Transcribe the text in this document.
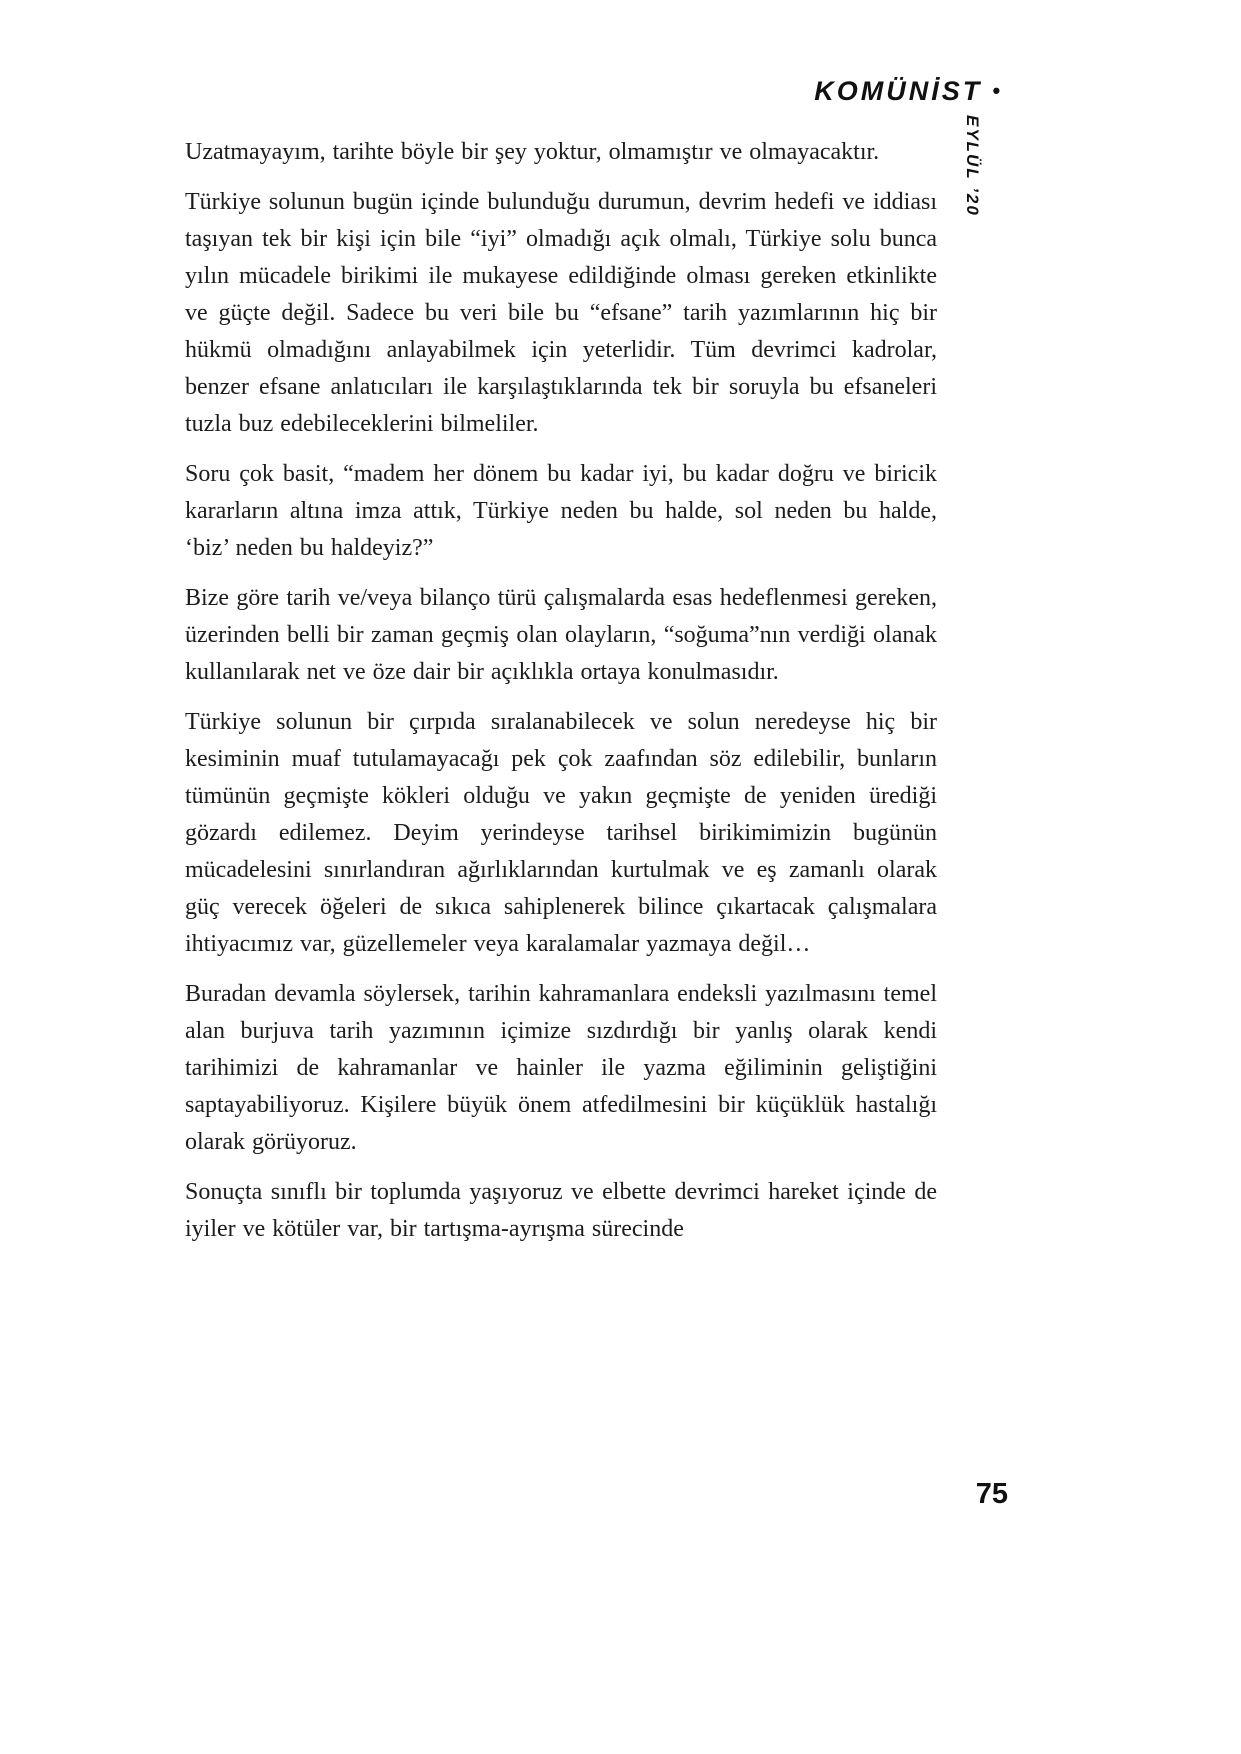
KOMÜNİST •
EYLÜL ’20

Uzatmayayım, tarihte böyle bir şey yoktur, olmamıştır ve olmayacaktır.

Türkiye solunun bugün içinde bulunduğu durumun, devrim hedefi ve iddiası taşıyan tek bir kişi için bile “iyi” olmadığı açık olmalı, Türkiye solu bunca yılın mücadele birikimi ile mukayese edildiğinde olması gereken etkinlikte ve güçte değil. Sadece bu veri bile bu “efsane” tarih yazımlarının hiç bir hükmü olmadığını anlayabilmek için yeterlidir. Tüm devrimci kadrolar, benzer efsane anlatıcıları ile karşılaştıklarında tek bir soruyla bu efsaneleri tuzla buz edebileceklerini bilmeliler.

Soru çok basit, “madem her dönem bu kadar iyi, bu kadar doğru ve biricik kararların altına imza attık, Türkiye neden bu halde, sol neden bu halde, ‘biz’ neden bu haldeyiz?”

Bize göre tarih ve/veya bilanço türü çalışmalarda esas hedeflenmesi gereken, üzerinden belli bir zaman geçmiş olan olayların, “soğuma”nın verdiği olanak kullanılarak net ve öze dair bir açıklıkla ortaya konulmasıdır.

Türkiye solunun bir çırpıda sıralanabilecek ve solun neredeyse hiç bir kesiminin muaf tutulamayacağı pek çok zaafından söz edilebilir, bunların tümünün geçmişte kökleri olduğu ve yakın geçmişte de yeniden ürediği gözardı edilemez. Deyim yerindeyse tarihsel birikimimizin bugünün mücadelesini sınırlandıran ağırlıklarından kurtulmak ve eş zamanlı olarak güç verecek öğeleri de sıkıca sahiplenerek bilince çıkartacak çalışmalara ihtiyacımız var, güzellemeler veya karalamalar yazmaya değil…

Buradan devamla söylersek, tarihin kahramanlara endeksli yazılmasını temel alan burjuva tarih yazımının içimize sızdırdığı bir yanlış olarak kendi tarihimizi de kahramanlar ve hainler ile yazma eğiliminin geliştiğini saptayabiliyoruz. Kişilere büyük önem atfedilmesini bir küçüklük hastalığı olarak görüyoruz.

Sonuçta sınıflı bir toplumda yaşıyoruz ve elbette devrimci hareket içinde de iyiler ve kötüler var, bir tartışma-ayrışma sürecinde

75
